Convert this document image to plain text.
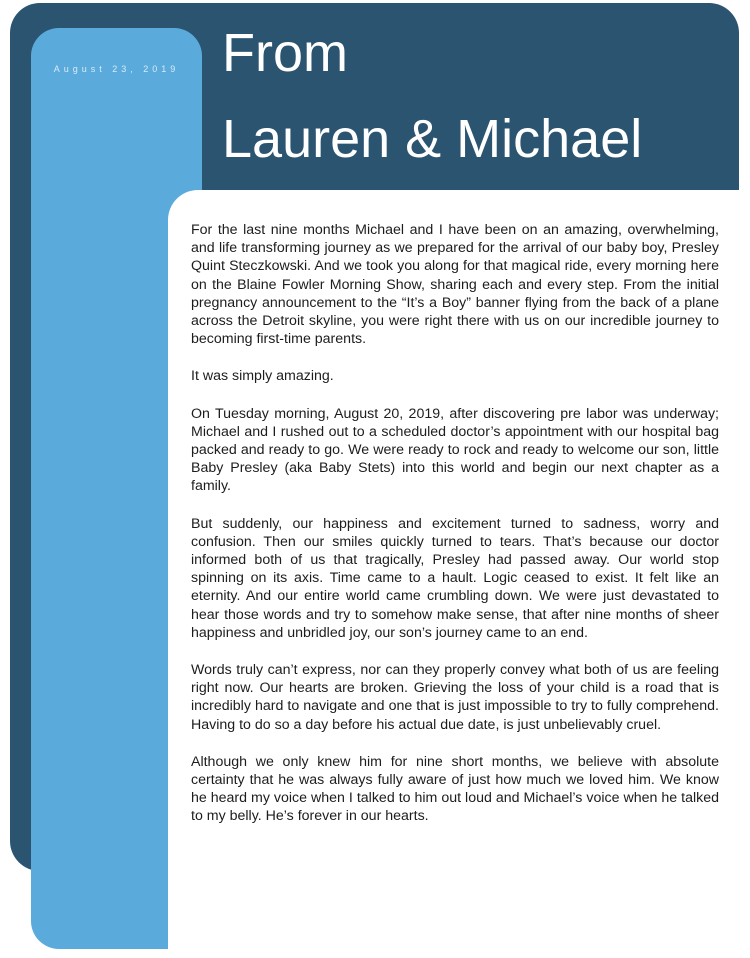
August 23, 2019 From
Lauren & Michael

For the last nine months Michael and I have been on an amazing, overwhelming, and life transforming journey as we prepared for the arrival of our baby boy, Presley Quint Steczkowski. And we took you along for that magical ride, every morning here on the Blaine Fowler Morning Show, sharing each and every step. From the initial pregnancy announcement to the “It’s a Boy” banner flying from the back of a plane across the Detroit skyline, you were right there with us on our incredible journey to becoming first-time parents.

It was simply amazing.

On Tuesday morning, August 20, 2019, after discovering pre labor was underway; Michael and I rushed out to a scheduled doctor’s appointment with our hospital bag packed and ready to go. We were ready to rock and ready to welcome our son, little Baby Presley (aka Baby Stets) into this world and begin our next chapter as a family.

But suddenly, our happiness and excitement turned to sadness, worry and confusion. Then our smiles quickly turned to tears. That’s because our doctor informed both of us that tragically, Presley had passed away. Our world stop spinning on its axis. Time came to a hault. Logic ceased to exist. It felt like an eternity. And our entire world came crumbling down. We were just devastated to hear those words and try to somehow make sense, that after nine months of sheer happiness and unbridled joy, our son’s journey came to an end.

Words truly can’t express, nor can they properly convey what both of us are feeling right now. Our hearts are broken. Grieving the loss of your child is a road that is incredibly hard to navigate and one that is just impossible to try to fully comprehend. Having to do so a day before his actual due date, is just unbelievably cruel.

Although we only knew him for nine short months, we believe with absolute certainty that he was always fully aware of just how much we loved him. We know he heard my voice when I talked to him out loud and Michael’s voice when he talked to my belly. He’s forever in our hearts.
